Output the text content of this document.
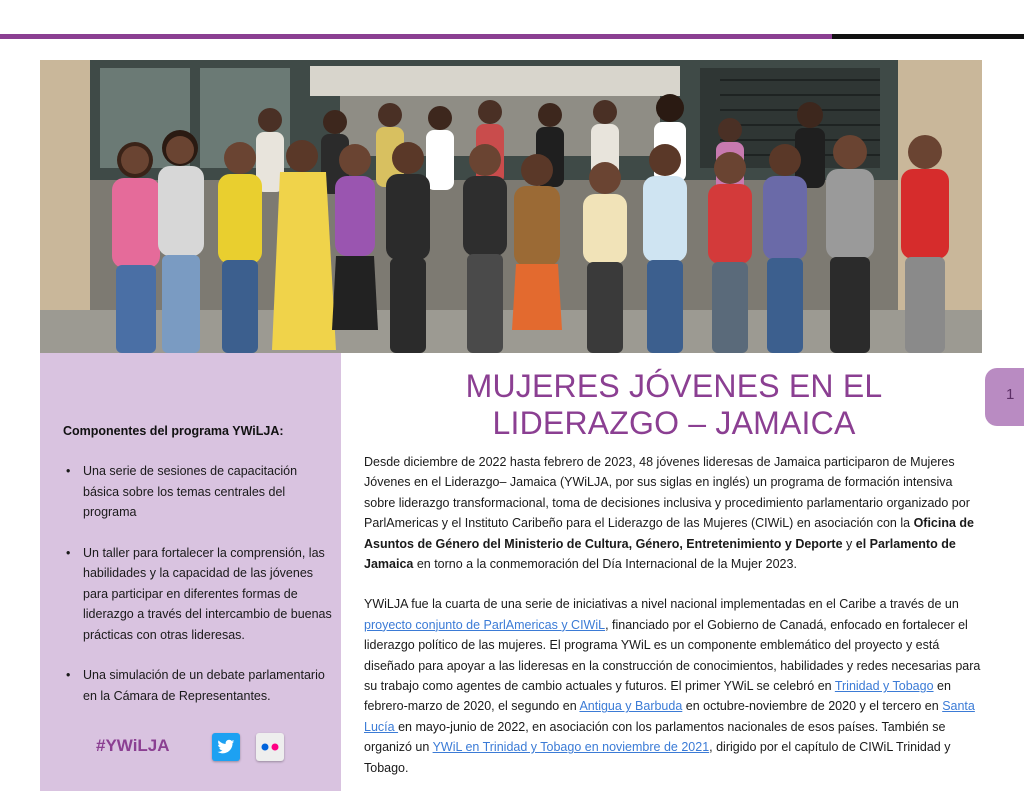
Componentes del programa YWiLJA:
• Una serie de sesiones de capacitación básica sobre los temas centrales del programa
• Un taller para fortalecer la comprensión, las habilidades y la capacidad de las jóvenes para participar en diferentes formas de liderazgo a través del intercambio de buenas prácticas con otras lideresas.
• Una simulación de un debate parlamentario en la Cámara de Representantes.
#YWiLJA
MUJERES JÓVENES EN EL
LIDERAZGO – JAMAICA

Desde diciembre de 2022 hasta febrero de 2023, 48 jóvenes lideresas de Jamaica participaron de Mujeres Jóvenes en el Liderazgo– Jamaica (YWiLJA, por sus siglas en inglés) un programa de formación intensiva sobre liderazgo transformacional, toma de decisiones inclusiva y procedimiento parlamentario organizado por ParlAmericas y el Instituto Caribeño para el Liderazgo de las Mujeres (CIWiL) en asociación con la Oficina de Asuntos de Género del Ministerio de Cultura, Género, Entretenimiento y Deporte y el Parlamento de Jamaica en torno a la conmemoración del Día Internacional de la Mujer 2023.

YWiLJA fue la cuarta de una serie de iniciativas a nivel nacional implementadas en el Caribe a través de un proyecto conjunto de ParlAmericas y CIWiL, financiado por el Gobierno de Canadá, enfocado en fortalecer el liderazgo político de las mujeres. El programa YWiL es un componente emblemático del proyecto y está diseñado para apoyar a las lideresas en la construcción de conocimientos, habilidades y redes necesarias para su trabajo como agentes de cambio actuales y futuros. El primer YWiL se celebró en Trinidad y Tobago en febrero-marzo de 2020, el segundo en Antigua y Barbuda en octubre-noviembre de 2020 y el tercero en Santa Lucía en mayo-junio de 2022, en asociación con los parlamentos nacionales de esos países. También se organizó un YWiL en Trinidad y Tobago en noviembre de 2021, dirigido por el capítulo de CIWiL Trinidad y Tobago.

1
